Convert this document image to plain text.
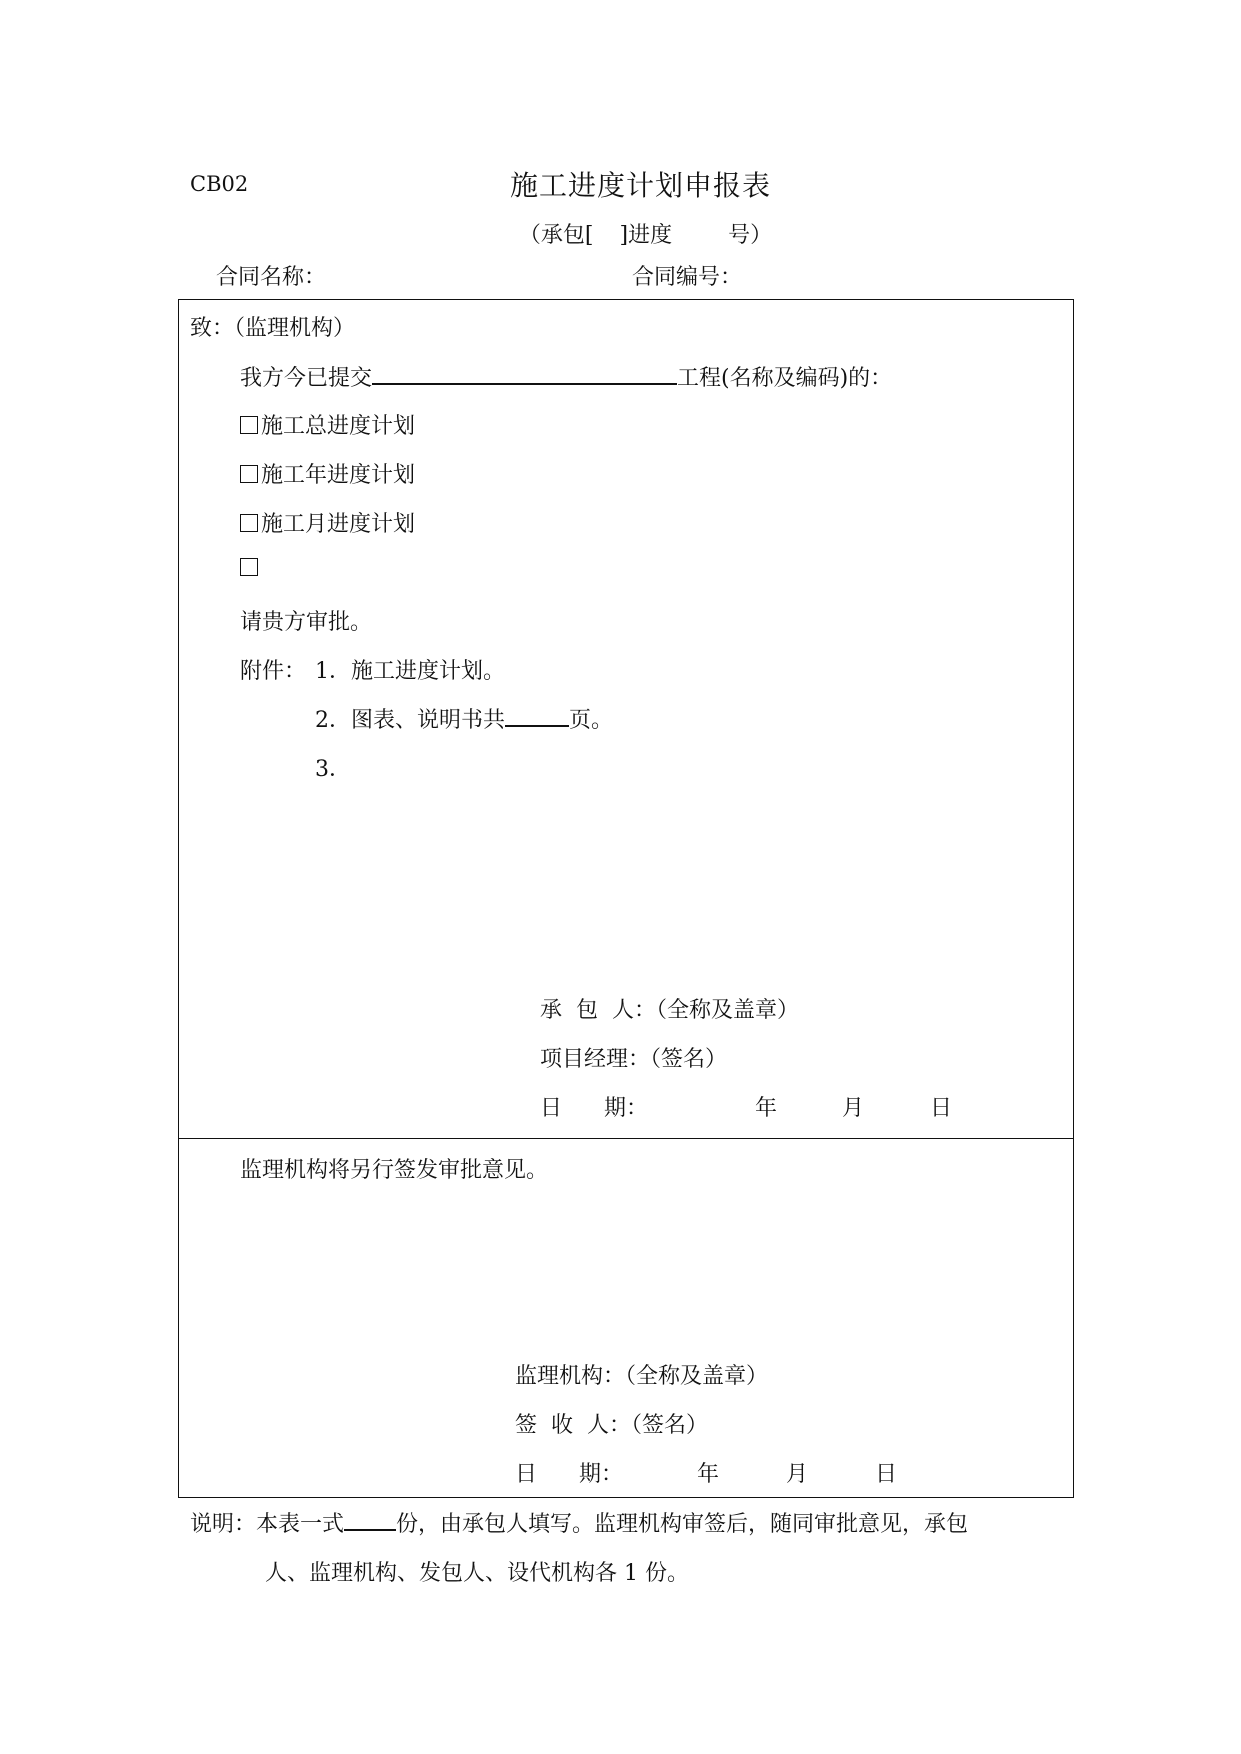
CB02	施工进度计划申报表
（承包[ ]进度	号）
合同名称：	合同编号：
致：（监理机构）
我方今已提交	工程(名称及编码)的：
施工总进度计划
施工年进度计划
施工月进度计划
请贵方审批。
附件： 1．施工进度计划。
2．图表、说明书共	页。
3．
承  包  人：（全称及盖章）
项目经理：（签名）
日      期：	年	月	日
监理机构将另行签发审批意见。
监理机构：（全称及盖章）
签  收  人：（签名）
日      期：	年	月	日
说明：本表一式 份，由承包人填写。监理机构审签后，随同审批意见，承包
人、监理机构、发包人、设代机构各 1 份。
